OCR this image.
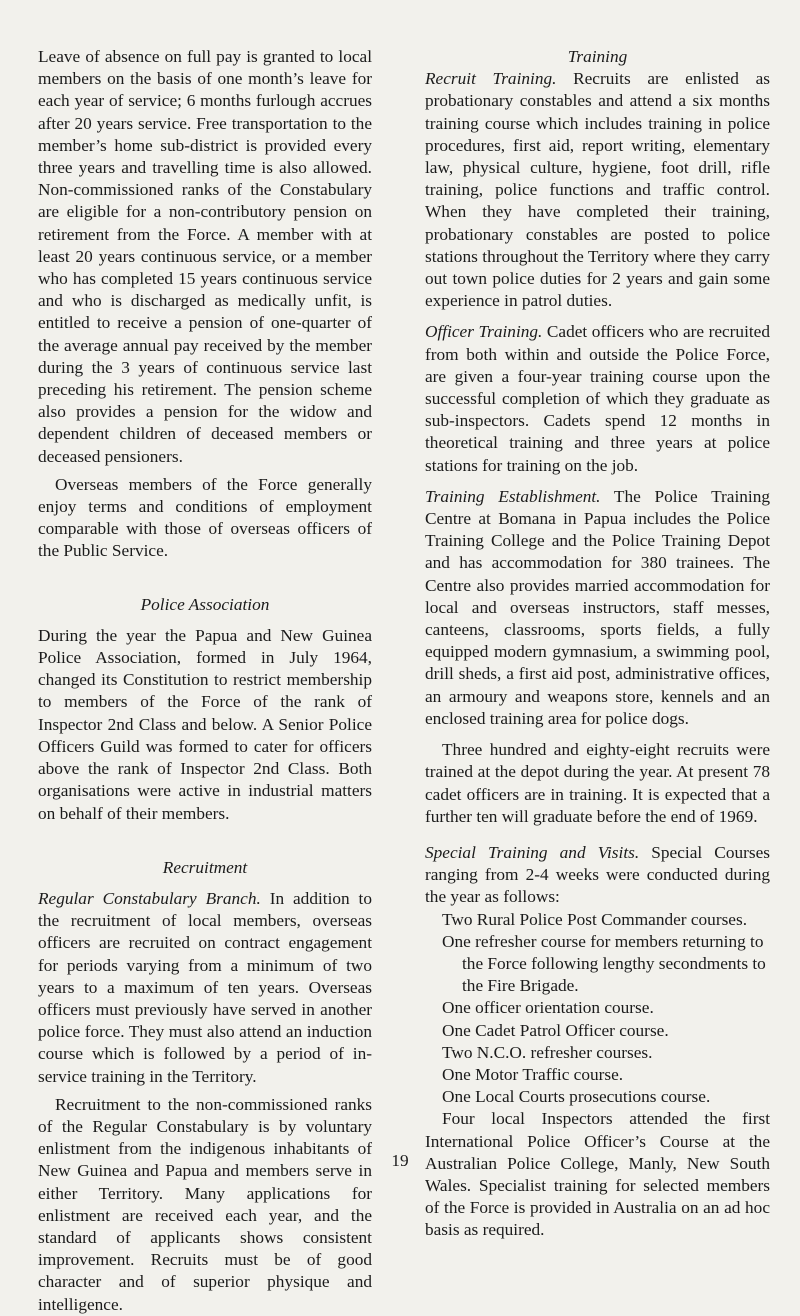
Leave of absence on full pay is granted to local members on the basis of one month’s leave for each year of service; 6 months furlough accrues after 20 years service. Free transportation to the member’s home sub-district is provided every three years and travelling time is also allowed. Non-commissioned ranks of the Constabulary are eligible for a non-contributory pension on retirement from the Force. A member with at least 20 years continuous service, or a member who has completed 15 years continuous service and who is discharged as medically unfit, is entitled to receive a pension of one-quarter of the average annual pay received by the member during the 3 years of continuous service last preceding his retirement. The pension scheme also provides a pension for the widow and dependent children of deceased members or deceased pensioners.

Overseas members of the Force generally enjoy terms and conditions of employment comparable with those of overseas officers of the Public Service.

Police Association

During the year the Papua and New Guinea Police Association, formed in July 1964, changed its Constitution to restrict membership to members of the Force of the rank of Inspector 2nd Class and below. A Senior Police Officers Guild was formed to cater for officers above the rank of Inspector 2nd Class. Both organisations were active in industrial matters on behalf of their members.

Recruitment

Regular Constabulary Branch. In addition to the recruitment of local members, overseas officers are recruited on contract engagement for periods varying from a minimum of two years to a maximum of ten years. Overseas officers must previously have served in another police force. They must also attend an induction course which is followed by a period of in-service training in the Territory.

Recruitment to the non-commissioned ranks of the Regular Constabulary is by voluntary enlistment from the indigenous inhabitants of New Guinea and Papua and members serve in either Territory. Many applications for enlistment are received each year, and the standard of applicants shows consistent improvement. Recruits must be of good character and of superior physique and intelligence.

Training

Recruit Training. Recruits are enlisted as probationary constables and attend a six months training course which includes training in police procedures, first aid, report writing, elementary law, physical culture, hygiene, foot drill, rifle training, police functions and traffic control. When they have completed their training, probationary constables are posted to police stations throughout the Territory where they carry out town police duties for 2 years and gain some experience in patrol duties.

Officer Training. Cadet officers who are recruited from both within and outside the Police Force, are given a four-year training course upon the successful completion of which they graduate as sub-inspectors. Cadets spend 12 months in theoretical training and three years at police stations for training on the job.

Training Establishment. The Police Training Centre at Bomana in Papua includes the Police Training College and the Police Training Depot and has accommodation for 380 trainees. The Centre also provides married accommodation for local and overseas instructors, staff messes, canteens, classrooms, sports fields, a fully equipped modern gymnasium, a swimming pool, drill sheds, a first aid post, administrative offices, an armoury and weapons store, kennels and an enclosed training area for police dogs.

Three hundred and eighty-eight recruits were trained at the depot during the year. At present 78 cadet officers are in training. It is expected that a further ten will graduate before the end of 1969.

Special Training and Visits. Special Courses ranging from 2-4 weeks were conducted during the year as follows:

Two Rural Police Post Commander courses.
One refresher course for members returning to the Force following lengthy secondments to the Fire Brigade.
One officer orientation course.
One Cadet Patrol Officer course.
Two N.C.O. refresher courses.
One Motor Traffic course.
One Local Courts prosecutions course.

Four local Inspectors attended the first International Police Officer’s Course at the Australian Police College, Manly, New South Wales. Specialist training for selected members of the Force is provided in Australia on an ad hoc basis as required.

19
